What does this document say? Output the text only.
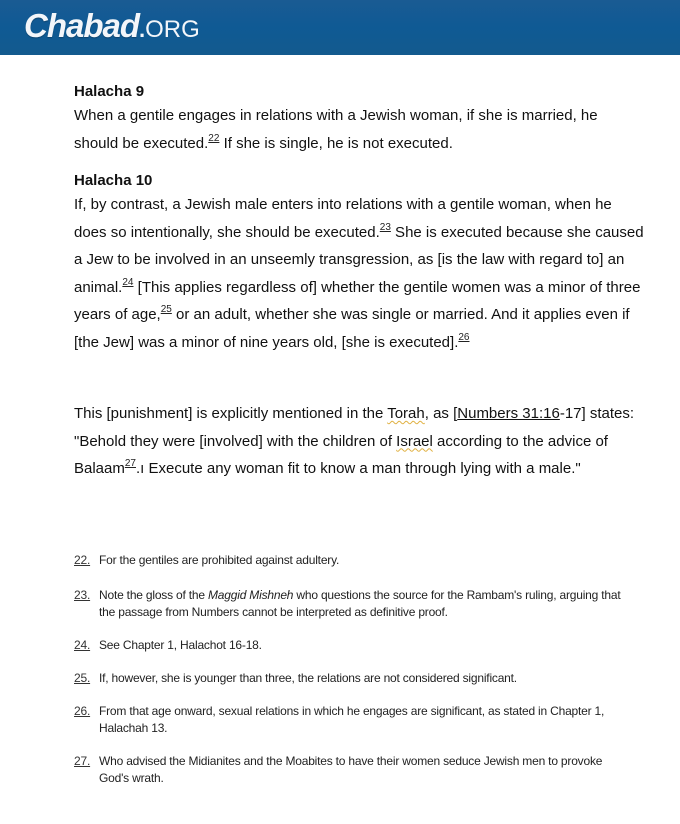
Chabad.ORG
Halacha 9

When a gentile engages in relations with a Jewish woman, if she is married, he should be executed.$^{22}$ If she is single, he is not executed.

Halacha 10

If, by contrast, a Jewish male enters into relations with a gentile woman, when he does so intentionally, she should be executed.$^{23}$ She is executed because she caused a Jew to be involved in an unseemly transgression, as [is the law with regard to] an animal.$^{24}$ [This applies regardless of] whether the gentile women was a minor of three years of age,$^{25}$ or an adult, whether she was single or married. And it applies even if [the Jew] was a minor of nine years old, [she is executed].$^{26}$

This [punishment] is explicitly mentioned in the Torah, as [Numbers 31:16-17] states: "Behold they were [involved] with the children of Israel according to the advice of Balaam$^{27}$.ı Execute any woman fit to know a man through lying with a male."

22. For the gentiles are prohibited against adultery.
23. Note the gloss of the Maggid Mishneh who questions the source for the Rambam's ruling, arguing that the passage from Numbers cannot be interpreted as definitive proof.
24. See Chapter 1, Halachot 16-18.
25. If, however, she is younger than three, the relations are not considered significant.
26. From that age onward, sexual relations in which he engages are significant, as stated in Chapter 1, Halachah 13.
27. Who advised the Midianites and the Moabites to have their women seduce Jewish men to provoke God's wrath.
